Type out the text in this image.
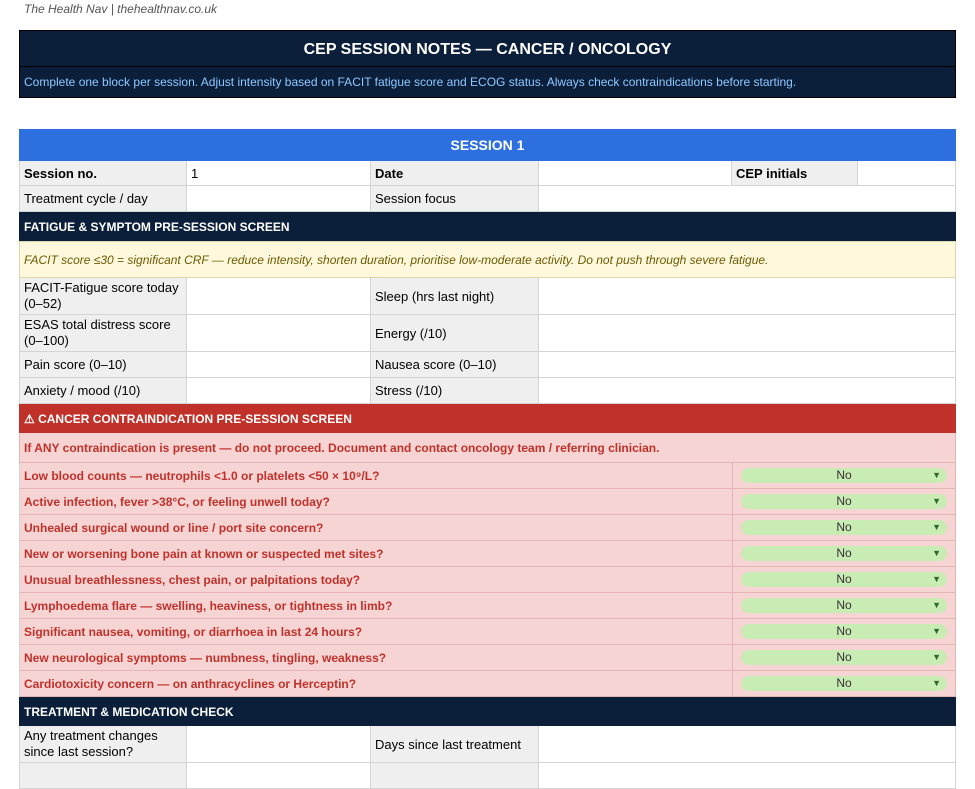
The Health Nav | thehealthnav.co.uk
CEP SESSION NOTES — CANCER / ONCOLOGY
Complete one block per session. Adjust intensity based on FACIT fatigue score and ECOG status. Always check contraindications before starting.
SESSION 1
Session no.	1	Date	CEP initials
Treatment cycle / day	Session focus
FATIGUE & SYMPTOM PRE-SESSION SCREEN
FACIT score ≤30 = significant CRF — reduce intensity, shorten duration, prioritise low-moderate activity. Do not push through severe fatigue.
FACIT-Fatigue score today (0–52)	Sleep (hrs last night)
ESAS total distress score (0–100)	Energy (/10)
Pain score (0–10)	Nausea score (0–10)
Anxiety / mood (/10)	Stress (/10)
⚠ CANCER CONTRAINDICATION PRE-SESSION SCREEN
If ANY contraindication is present — do not proceed. Document and contact oncology team / referring clinician.
Low blood counts — neutrophils <1.0 or platelets <50 × 10⁹/L?	No	▼
Active infection, fever >38°C, or feeling unwell today?	No	▼
Unhealed surgical wound or line / port site concern?	No	▼
New or worsening bone pain at known or suspected met sites?	No	▼
Unusual breathlessness, chest pain, or palpitations today?	No	▼
Lymphoedema flare — swelling, heaviness, or tightness in limb?	No	▼
Significant nausea, vomiting, or diarrhoea in last 24 hours?	No	▼
New neurological symptoms — numbness, tingling, weakness?	No	▼
Cardiotoxicity concern — on anthracyclines or Herceptin?	No	▼
TREATMENT & MEDICATION CHECK
Any treatment changes since last session?	Days since last treatment
